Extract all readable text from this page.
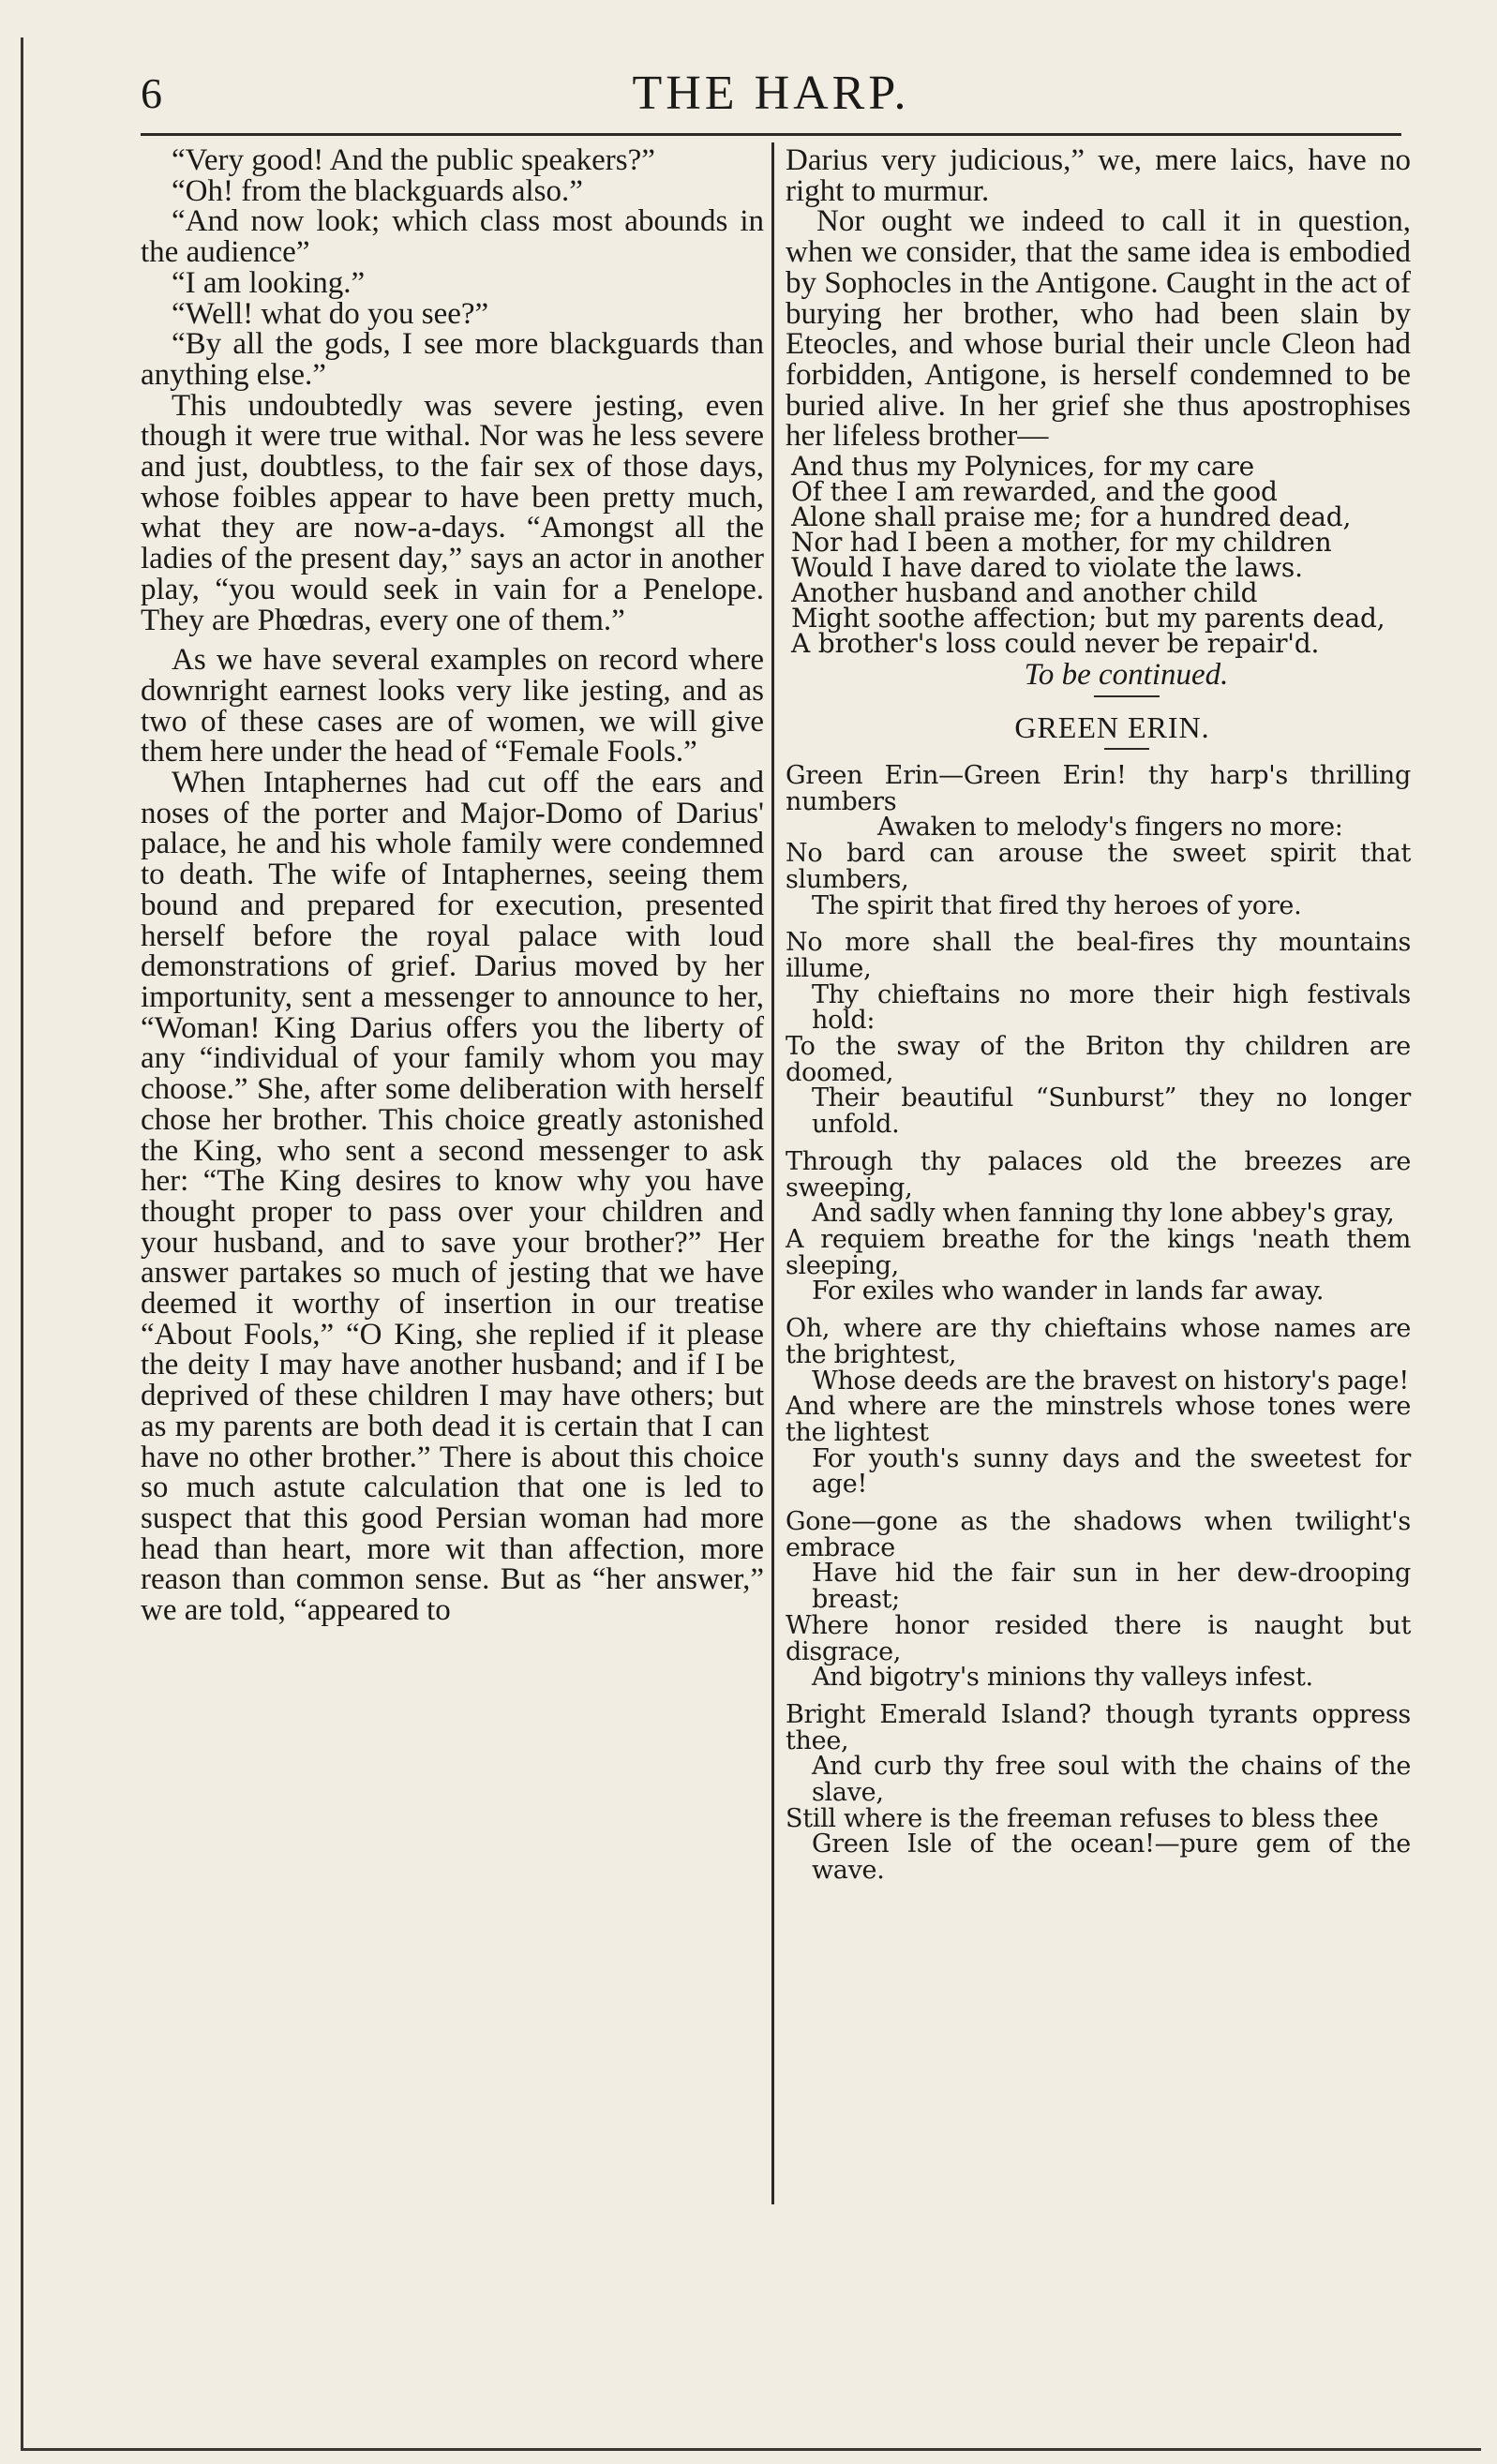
6	THE HARP.

“Very good! And the public speakers?”

“Oh! from the blackguards also.”

“And now look; which class most abounds in the audience”

“I am looking.”

“Well! what do you see?”

“By all the gods, I see more blackguards than anything else.”

This undoubtedly was severe jesting, even though it were true withal. Nor was he less severe and just, doubtless, to the fair sex of those days, whose foibles appear to have been pretty much, what they are now-a-days. “Amongst all the ladies of the present day,” says an actor in another play, “you would seek in vain for a Penelope. They are Phœdras, every one of them.”

As we have several examples on record where downright earnest looks very like jesting, and as two of these cases are of women, we will give them here under the head of “Female Fools.”

When Intaphernes had cut off the ears and noses of the porter and Major-Domo of Darius' palace, he and his whole family were condemned to death. The wife of Intaphernes, seeing them bound and prepared for execution, presented herself before the royal palace with loud demonstrations of grief. Darius moved by her importunity, sent a messenger to announce to her, “Woman! King Darius offers you the liberty of any “individual of your family whom you may choose.” She, after some deliberation with herself chose her brother. This choice greatly astonished the King, who sent a second messenger to ask her: “The King desires to know why you have thought proper to pass over your children and your husband, and to save your brother?” Her answer partakes so much of jesting that we have deemed it worthy of insertion in our treatise “About Fools,” “O King, she replied if it please the deity I may have another husband; and if I be deprived of these children I may have others; but as my parents are both dead it is certain that I can have no other brother.” There is about this choice so much astute calculation that one is led to suspect that this good Persian woman had more head than heart, more wit than affection, more reason than common sense. But as “her answer,” we are told, “appeared to

Darius very judicious,” we, mere laics, have no right to murmur.

Nor ought we indeed to call it in question, when we consider, that the same idea is embodied by Sophocles in the Antigone. Caught in the act of burying her brother, who had been slain by Eteocles, and whose burial their uncle Cleon had forbidden, Antigone, is herself condemned to be buried alive. In her grief she thus apostrophises her lifeless brother—

And thus my Polynices, for my care
Of thee I am rewarded, and the good
Alone shall praise me; for a hundred dead,
Nor had I been a mother, for my children
Would I have dared to violate the laws.
Another husband and another child
Might soothe affection; but my parents dead,
A brother's loss could never be repair'd.
To be continued.
GREEN ERIN.
Green Erin—Green Erin! thy harp's thrilling numbers
Awaken to melody's fingers no more:
No bard can arouse the sweet spirit that slumbers,
The spirit that fired thy heroes of yore.
No more shall the beal-fires thy mountains illume,
Thy chieftains no more their high festivals hold:
To the sway of the Briton thy children are doomed,
Their beautiful “Sunburst” they no longer unfold.
Through thy palaces old the breezes are sweeping,
And sadly when fanning thy lone abbey's gray,
A requiem breathe for the kings 'neath them sleeping,
For exiles who wander in lands far away.
Oh, where are thy chieftains whose names are the brightest,
Whose deeds are the bravest on history's page!
And where are the minstrels whose tones were the lightest
For youth's sunny days and the sweetest for age!
Gone—gone as the shadows when twilight's embrace
Have hid the fair sun in her dew-drooping breast;
Where honor resided there is naught but disgrace,
And bigotry's minions thy valleys infest.
Bright Emerald Island? though tyrants oppress thee,
And curb thy free soul with the chains of the slave,
Still where is the freeman refuses to bless thee
Green Isle of the ocean!—pure gem of the wave.
